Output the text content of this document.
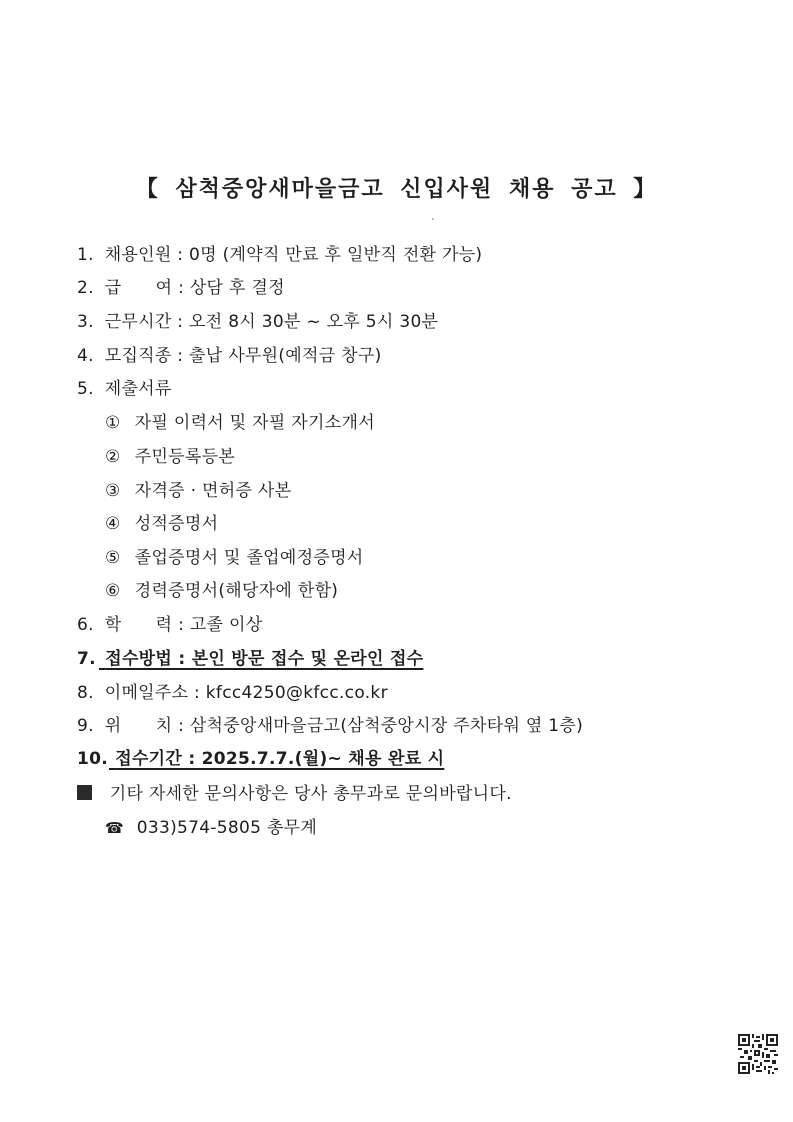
【 삼척중앙새마을금고 신입사원 채용 공고 】
1. 채용인원 : 0명 (계약직 만료 후 일반직 전환 가능)
2. 급      여 : 상담 후 결정
3. 근무시간 : 오전 8시 30분 ~ 오후 5시 30분
4. 모집직종 : 출납 사무원(예적금 창구)
5. 제출서류
① 자필 이력서 및 자필 자기소개서
② 주민등록등본
③ 자격증 · 면허증 사본
④ 성적증명서
⑤ 졸업증명서 및 졸업예정증명서
⑥ 경력증명서(해당자에 한함)
6. 학      력 : 고졸 이상
7. 접수방법 : 본인 방문 접수 및 온라인 접수
8. 이메일주소 : kfcc4250@kfcc.co.kr
9. 위      치 : 삼척중앙새마을금고(삼척중앙시장 주차타워 옆 1층)
10. 접수기간 : 2025.7.7.(월)~ 채용 완료 시
기타 자세한 문의사항은 당사 총무과로 문의바랍니다.
☎ 033)574-5805 총무계
